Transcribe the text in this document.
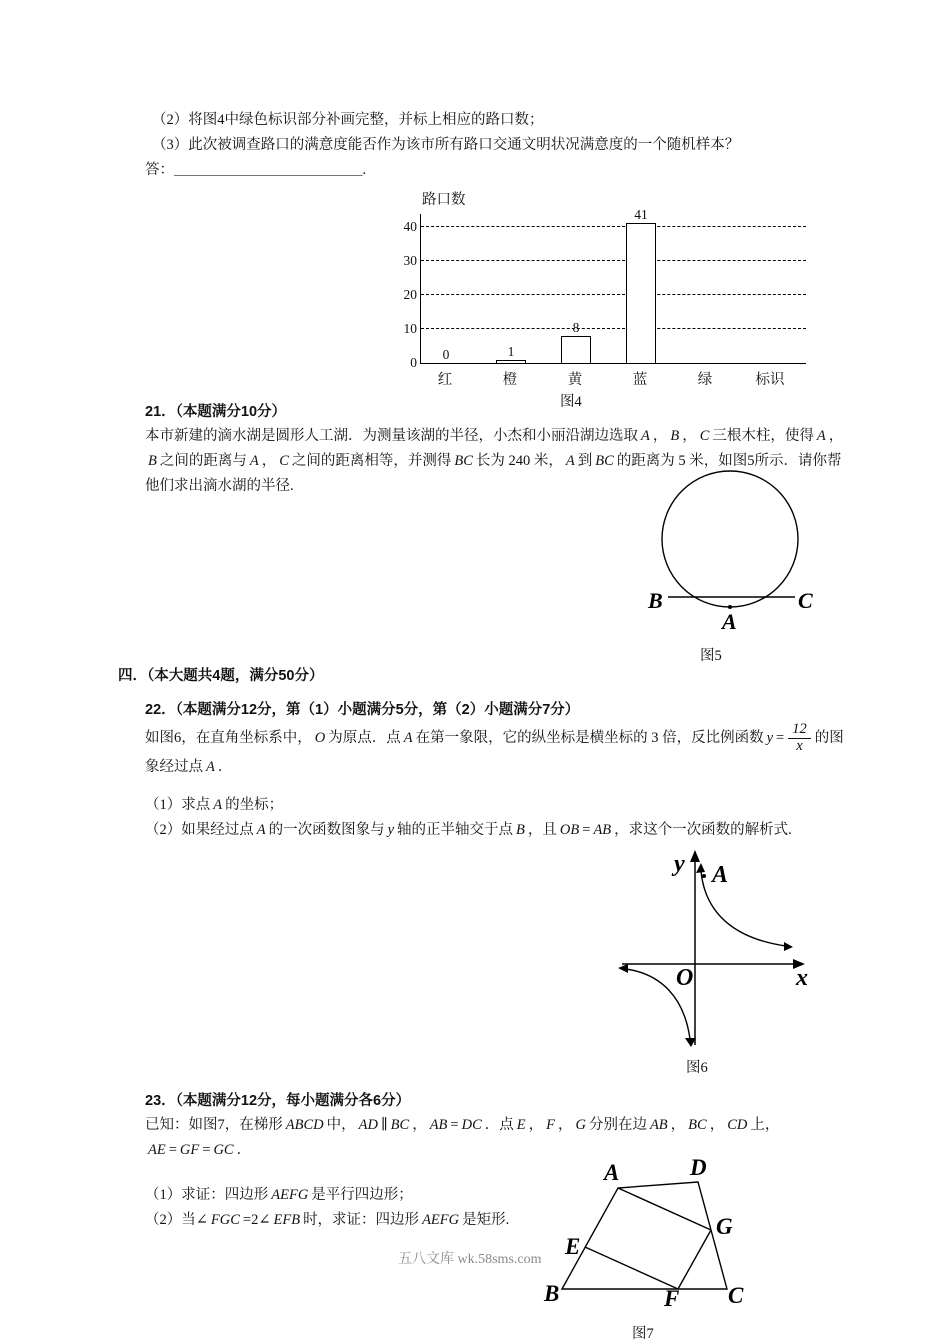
（2）将图4中绿色标识部分补画完整，并标上相应的路口数；
（3）此次被调查路口的满意度能否作为该市所有路口交通文明状况满意度的一个随机样本？
答：＿＿＿＿＿＿＿＿＿＿＿＿＿.
路口数
0
10
20
30
40
0	1
8
41
红	橙	黄	蓝	绿	标识
图4
21．（本题满分10分）
本市新建的滴水湖是圆形人工湖．为测量该湖的半径，小杰和小丽沿湖边选取 A ， B ， C 三根木柱，使得 A ，B 之间的距离与 A ， C 之间的距离相等，并测得 BC 长为 240 米， A 到 BC 的距离为 5 米，如图5所示．请你帮他们求出滴水湖的半径.
B	C
A
图5
四．（本大题共4题，满分50分）
22．（本题满分12分，第（1）小题满分5分，第（2）小题满分7分）
如图6，在直角坐标系中， O 为原点．点 A 在第一象限，它的纵坐标是横坐标的 3 倍，反比例函数 $y = \frac{12}{x}$ 的图象经过点 A ．
（1）求点 A 的坐标；
（2）如果经过点 A 的一次函数图象与 y 轴的正半轴交于点 B ，且 OB = AB ，求这个一次函数的解析式.
y
x
O
A
图6
23．（本题满分12分，每小题满分各6分）
已知：如图7，在梯形 ABCD 中， AD ∥ BC ， AB = DC ．点 E ， F ， G 分别在边 AB ， BC ， CD 上，AE = GF = GC ．
（1）求证：四边形 AEFG 是平行四边形；
（2）当∠ FGC =2∠ EFB 时，求证：四边形 AEFG 是矩形.
A	D
E
G
B	C
F
图7
五八文库 wk.58sms.com
